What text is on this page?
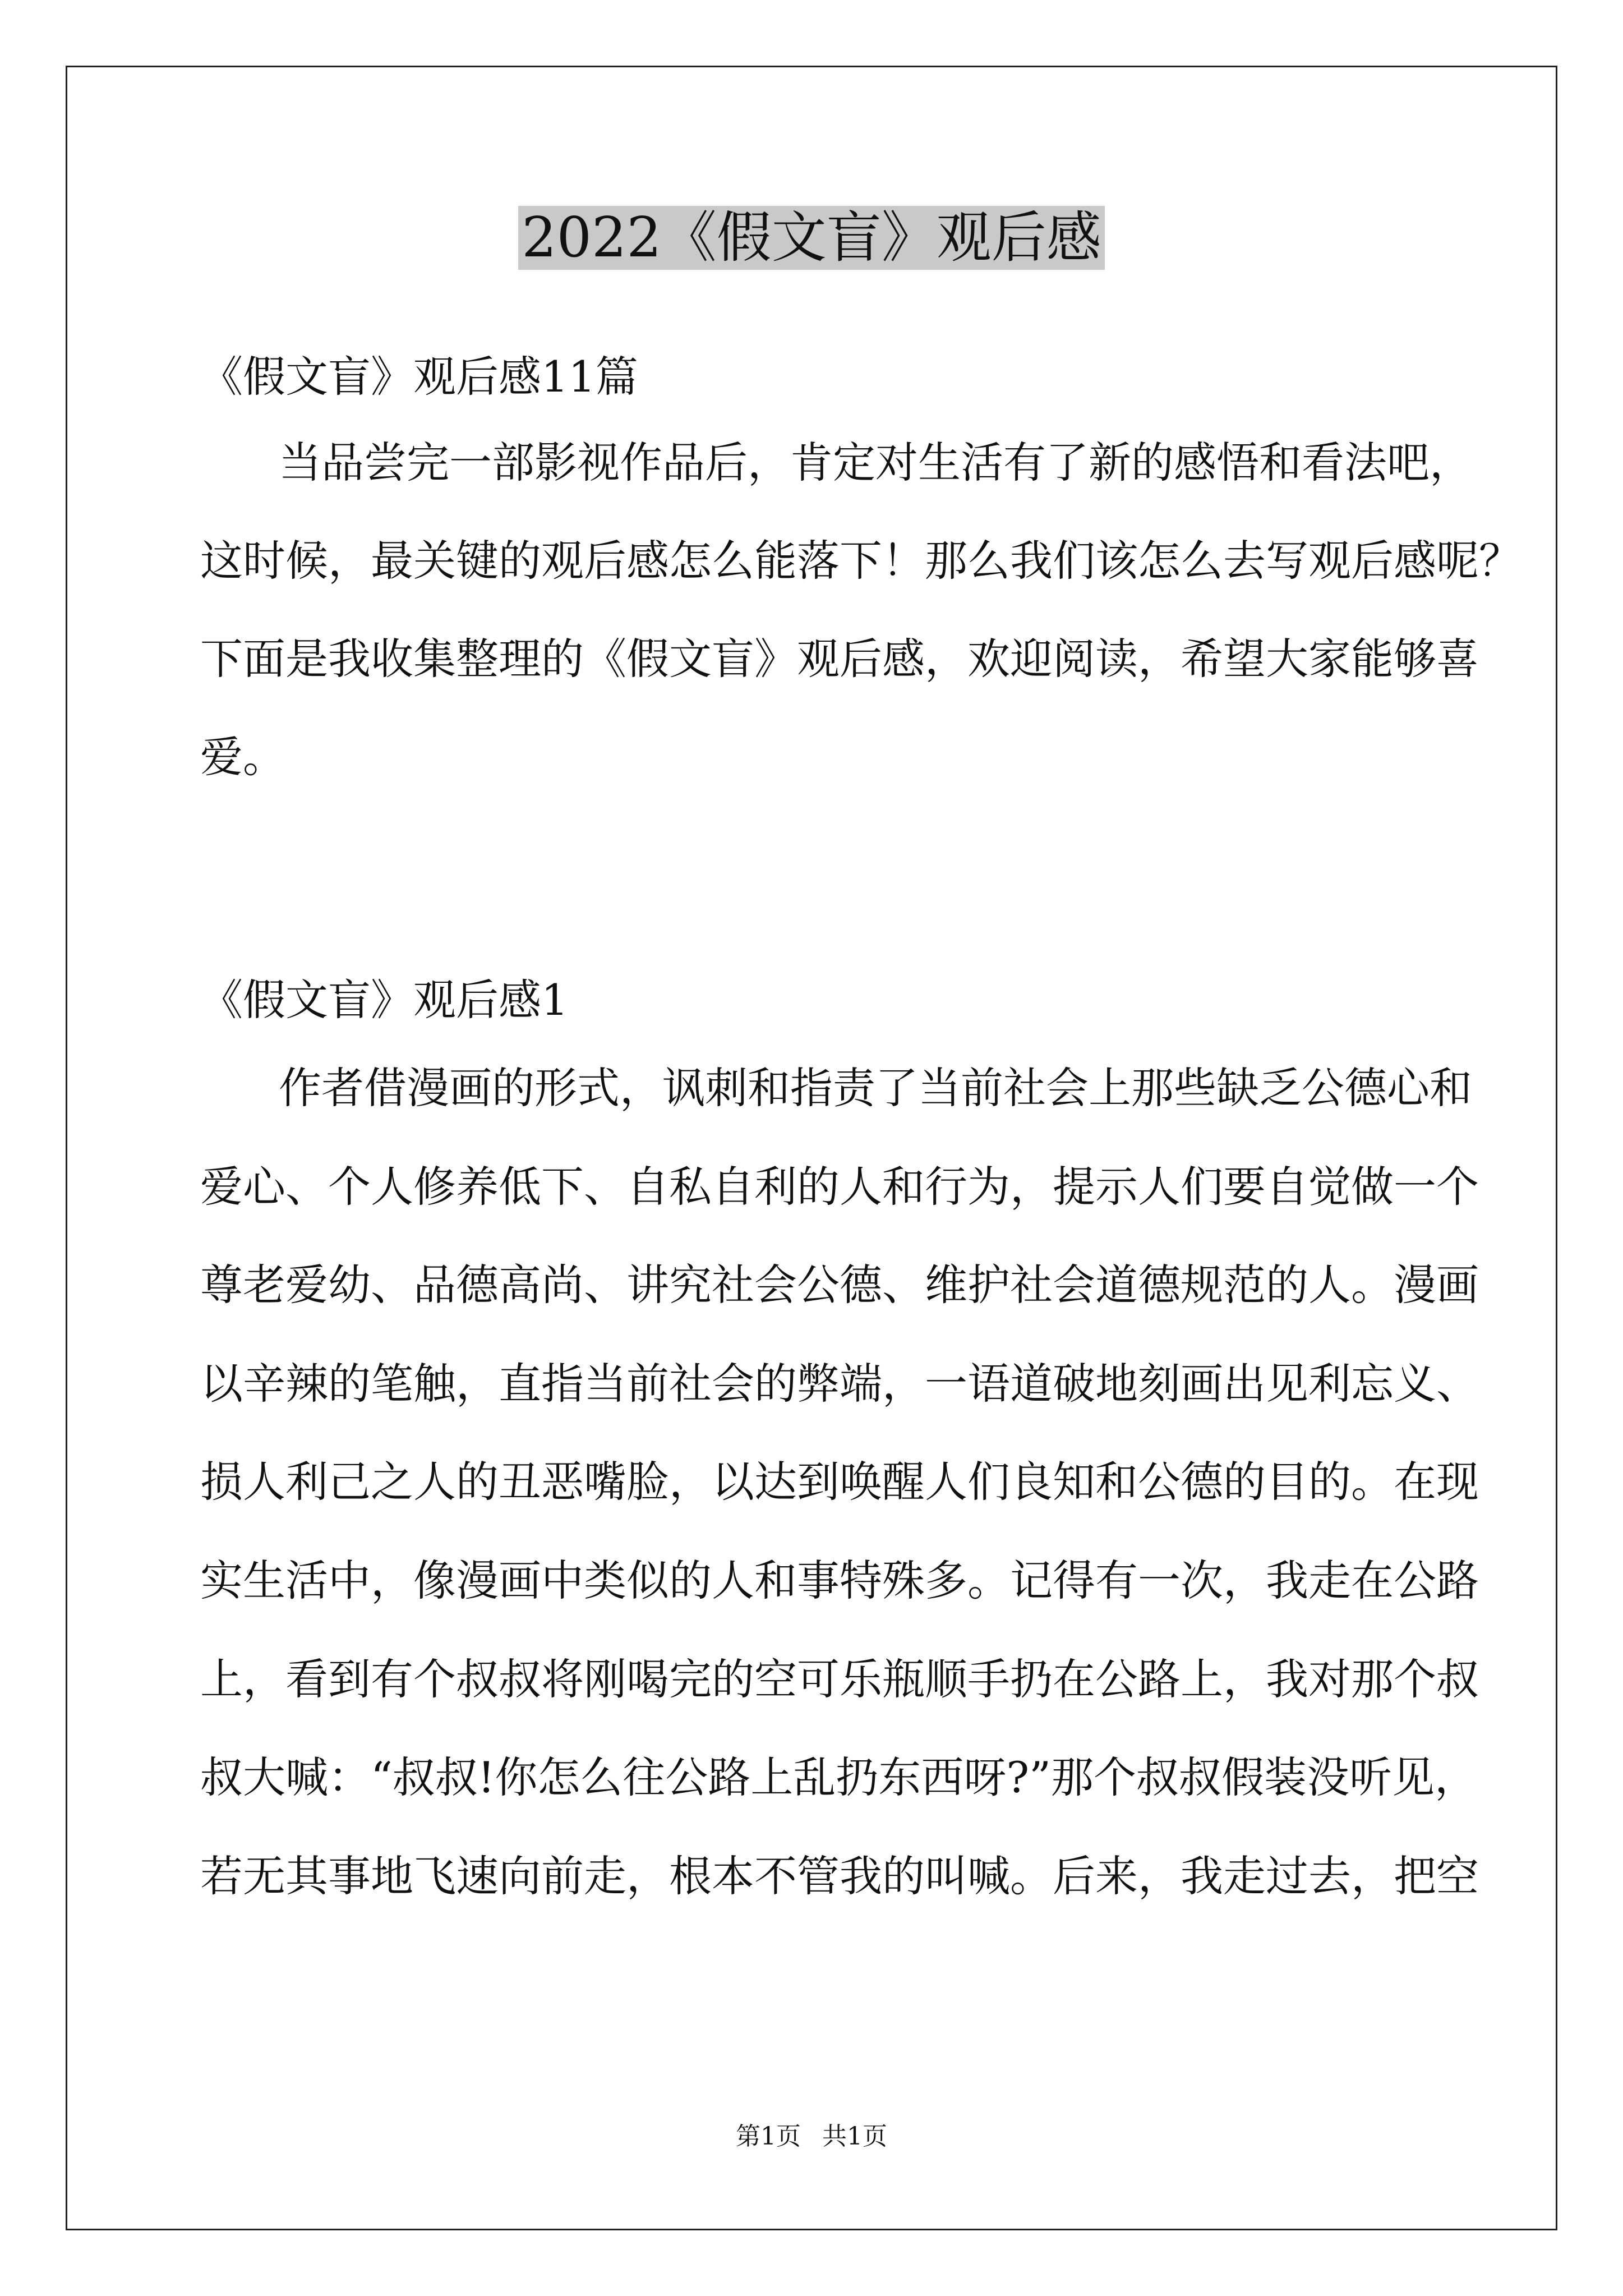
2022《假文盲》观后感

《假文盲》观后感11篇

当品尝完一部影视作品后，肯定对生活有了新的感悟和看法吧，

这时候，最关键的观后感怎么能落下！那么我们该怎么去写观后感呢？

下面是我收集整理的《假文盲》观后感，欢迎阅读，希望大家能够喜

爱。

《假文盲》观后感1

作者借漫画的形式，讽刺和指责了当前社会上那些缺乏公德心和

爱心、个人修养低下、自私自利的人和行为，提示人们要自觉做一个

尊老爱幼、品德高尚、讲究社会公德、维护社会道德规范的人。漫画

以辛辣的笔触，直指当前社会的弊端，一语道破地刻画出见利忘义、

损人利己之人的丑恶嘴脸，以达到唤醒人们良知和公德的目的。在现

实生活中，像漫画中类似的人和事特殊多。记得有一次，我走在公路

上，看到有个叔叔将刚喝完的空可乐瓶顺手扔在公路上，我对那个叔

叔大喊：“叔叔!你怎么往公路上乱扔东西呀?”那个叔叔假装没听见，

若无其事地飞速向前走，根本不管我的叫喊。后来，我走过去，把空

第1页 共1页
